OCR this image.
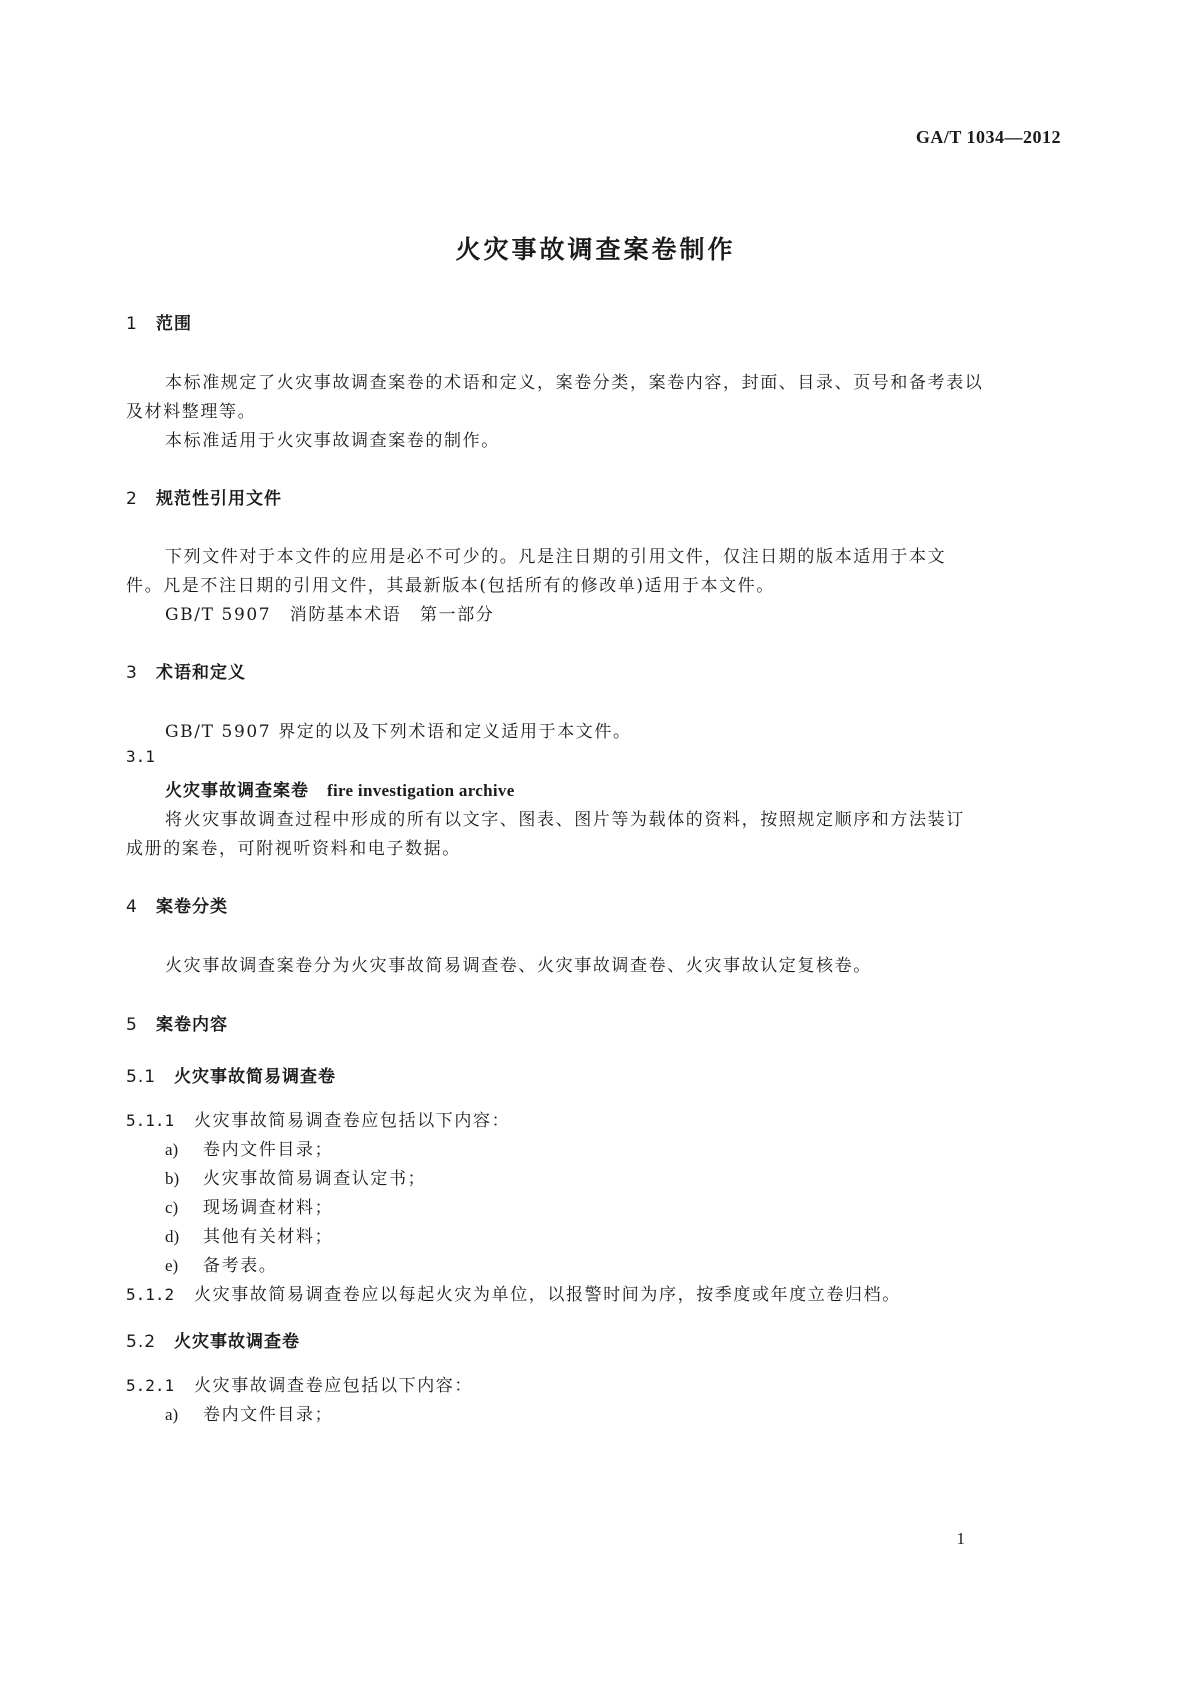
GA/T 1034—2012
火灾事故调查案卷制作
1 范围
本标准规定了火灾事故调查案卷的术语和定义，案卷分类，案卷内容，封面、目录、页号和备考表以
及材料整理等。
本标准适用于火灾事故调查案卷的制作。
2 规范性引用文件
下列文件对于本文件的应用是必不可少的。凡是注日期的引用文件，仅注日期的版本适用于本文
件。凡是不注日期的引用文件，其最新版本(包括所有的修改单)适用于本文件。
GB/T 5907　消防基本术语　第一部分
3 术语和定义
GB/T 5907 界定的以及下列术语和定义适用于本文件。
3.1
火灾事故调查案卷 fire investigation archive
将火灾事故调查过程中形成的所有以文字、图表、图片等为载体的资料，按照规定顺序和方法装订
成册的案卷，可附视听资料和电子数据。
4 案卷分类
火灾事故调查案卷分为火灾事故简易调查卷、火灾事故调查卷、火灾事故认定复核卷。
5 案卷内容
5.1 火灾事故简易调查卷
5.1.1 火灾事故简易调查卷应包括以下内容：
a) 卷内文件目录；
b) 火灾事故简易调查认定书；
c) 现场调查材料；
d) 其他有关材料；
e) 备考表。
5.1.2 火灾事故简易调查卷应以每起火灾为单位，以报警时间为序，按季度或年度立卷归档。
5.2 火灾事故调查卷
5.2.1 火灾事故调查卷应包括以下内容：
a) 卷内文件目录；
1
